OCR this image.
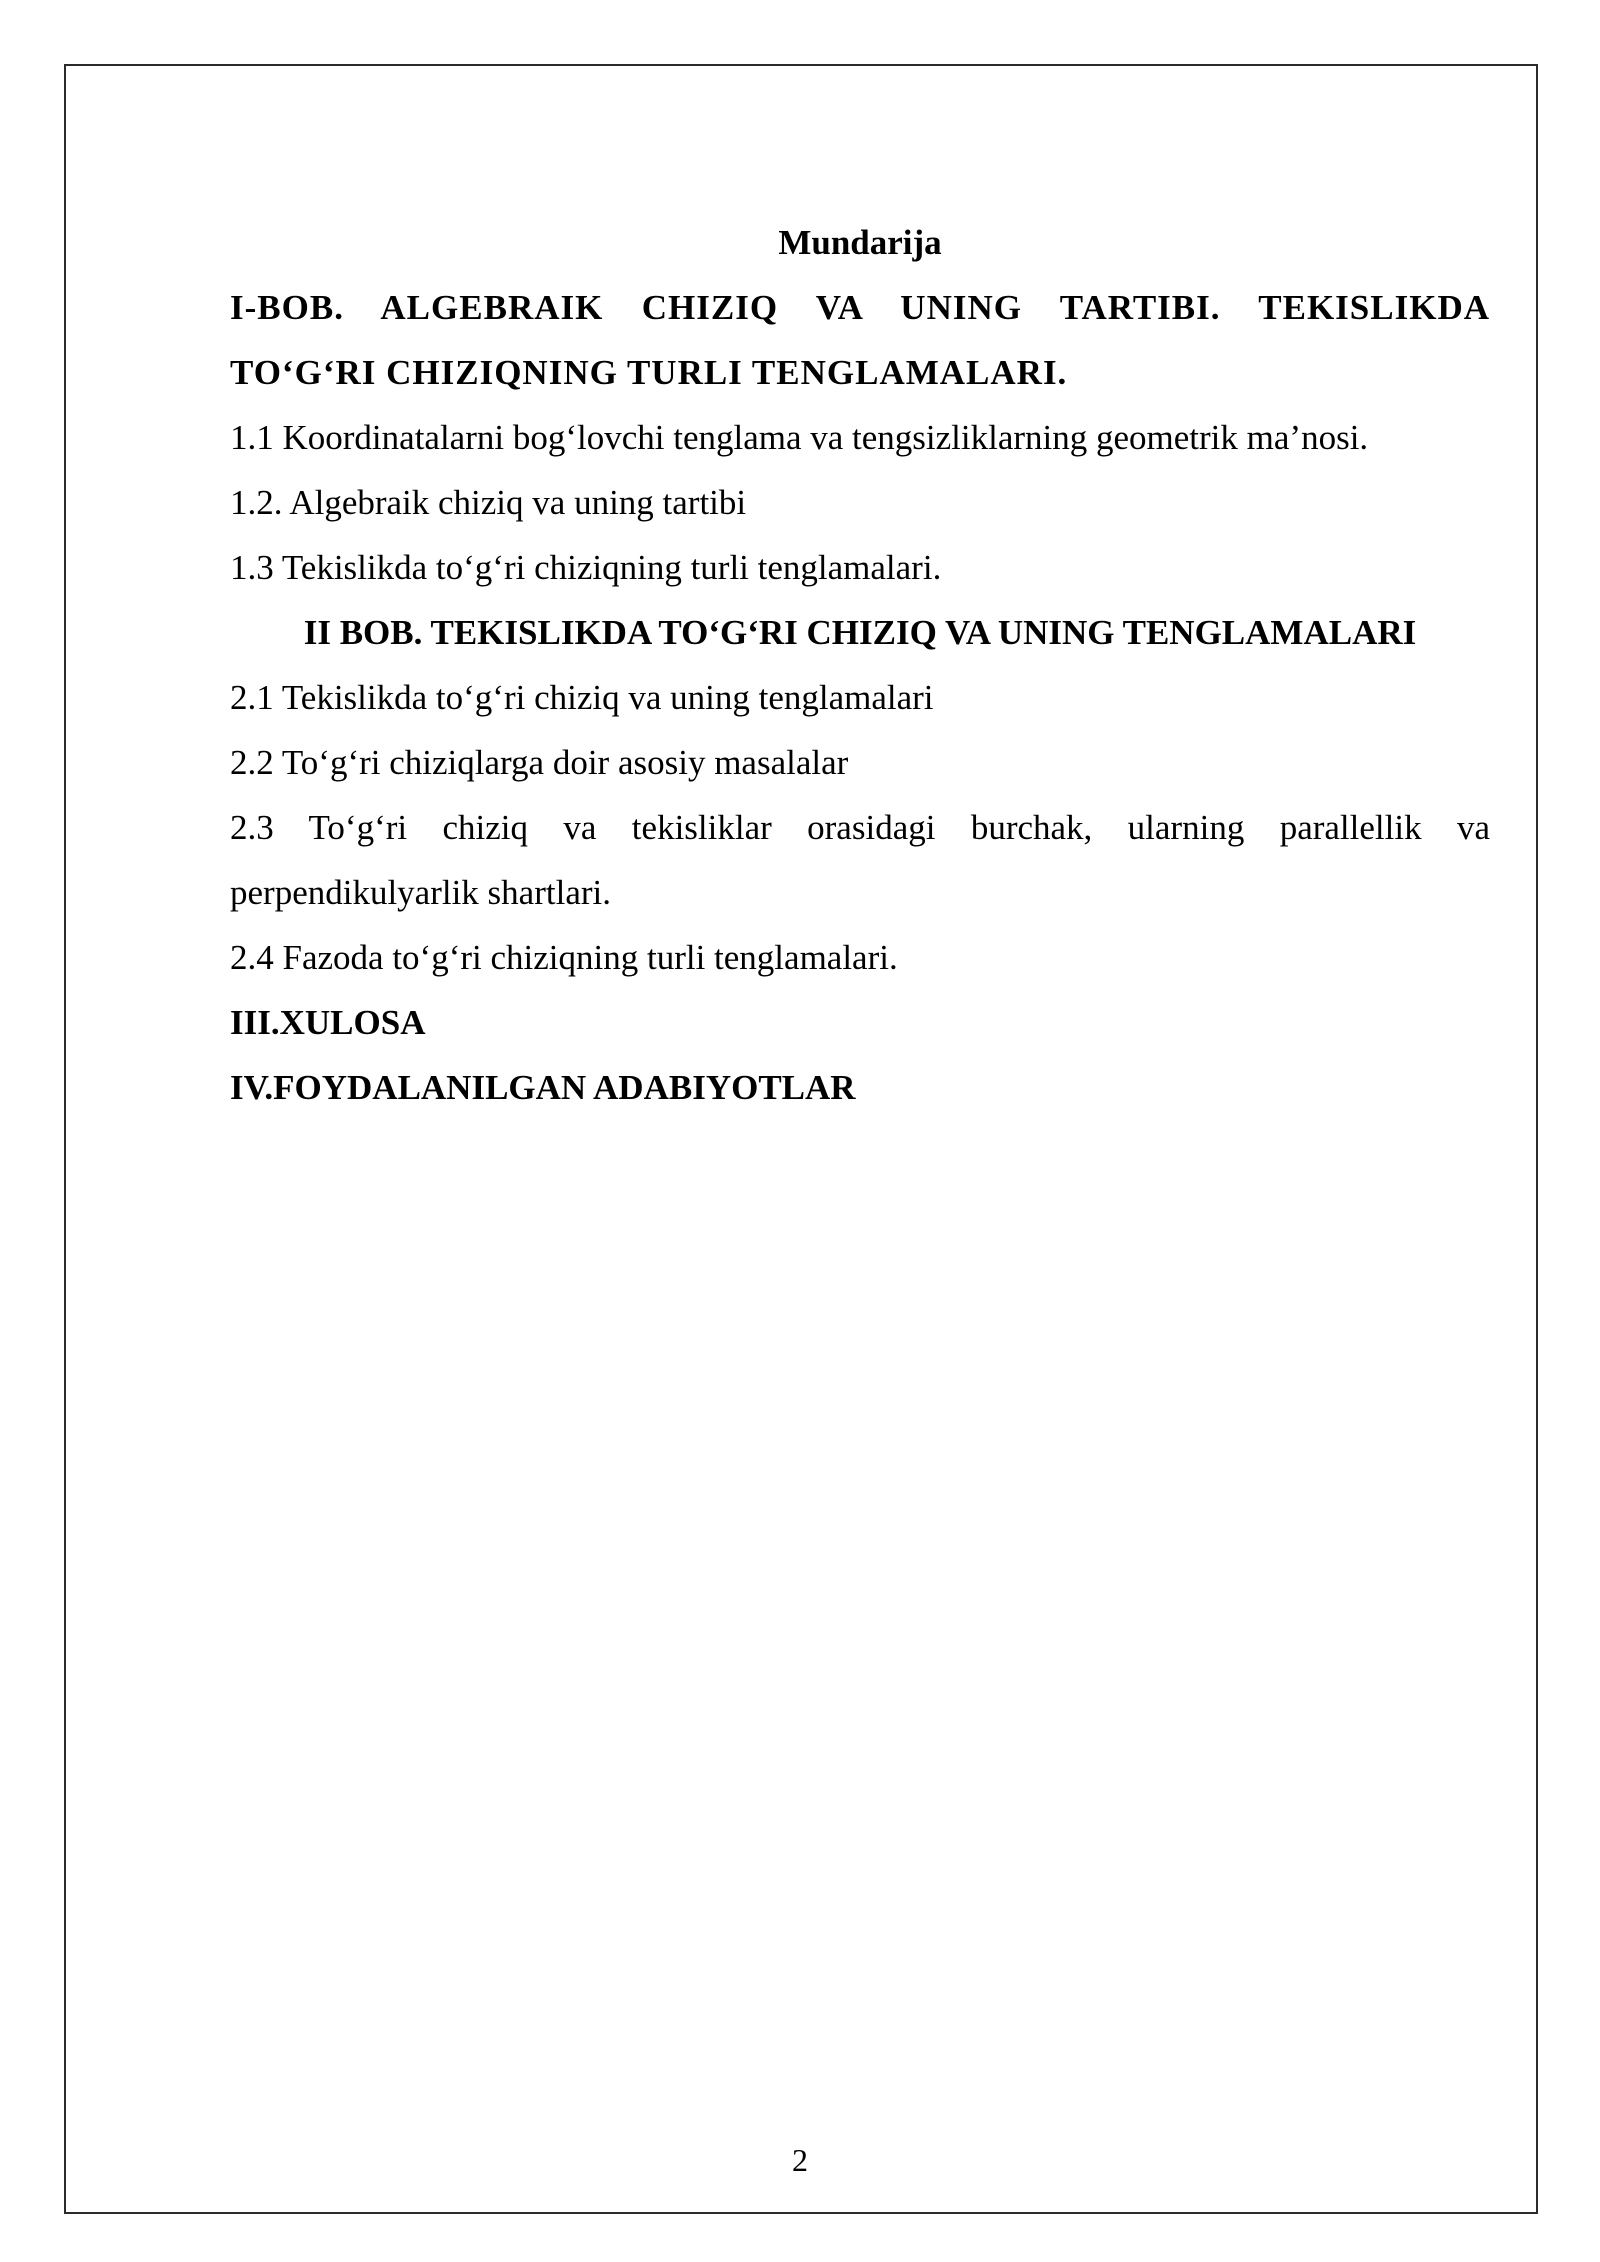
Mundarija

I-BOB. ALGEBRAIK CHIZIQ VA UNING TARTIBI. TEKISLIKDA

TO‘G‘RI CHIZIQNING TURLI TENGLAMALARI.

1.1 Koordinatalarni bog‘lovchi tenglama va tengsizliklarning geometrik ma’nosi.

1.2. Algebraik chiziq va uning tartibi

1.3 Tekislikda to‘g‘ri chiziqning turli tenglamalari.

II BOB. TEKISLIKDA TO‘G‘RI CHIZIQ VA UNING TENGLAMALARI

2.1 Tekislikda to‘g‘ri chiziq va uning tenglamalari

2.2 To‘g‘ri chiziqlarga doir asosiy masalalar

2.3 To‘g‘ri chiziq va tekisliklar orasidagi burchak, ularning parallellik va

perpendikulyarlik shartlari.

2.4 Fazoda to‘g‘ri chiziqning turli tenglamalari.

III.XULOSA

IV.FOYDALANILGAN ADABIYOTLAR

2
